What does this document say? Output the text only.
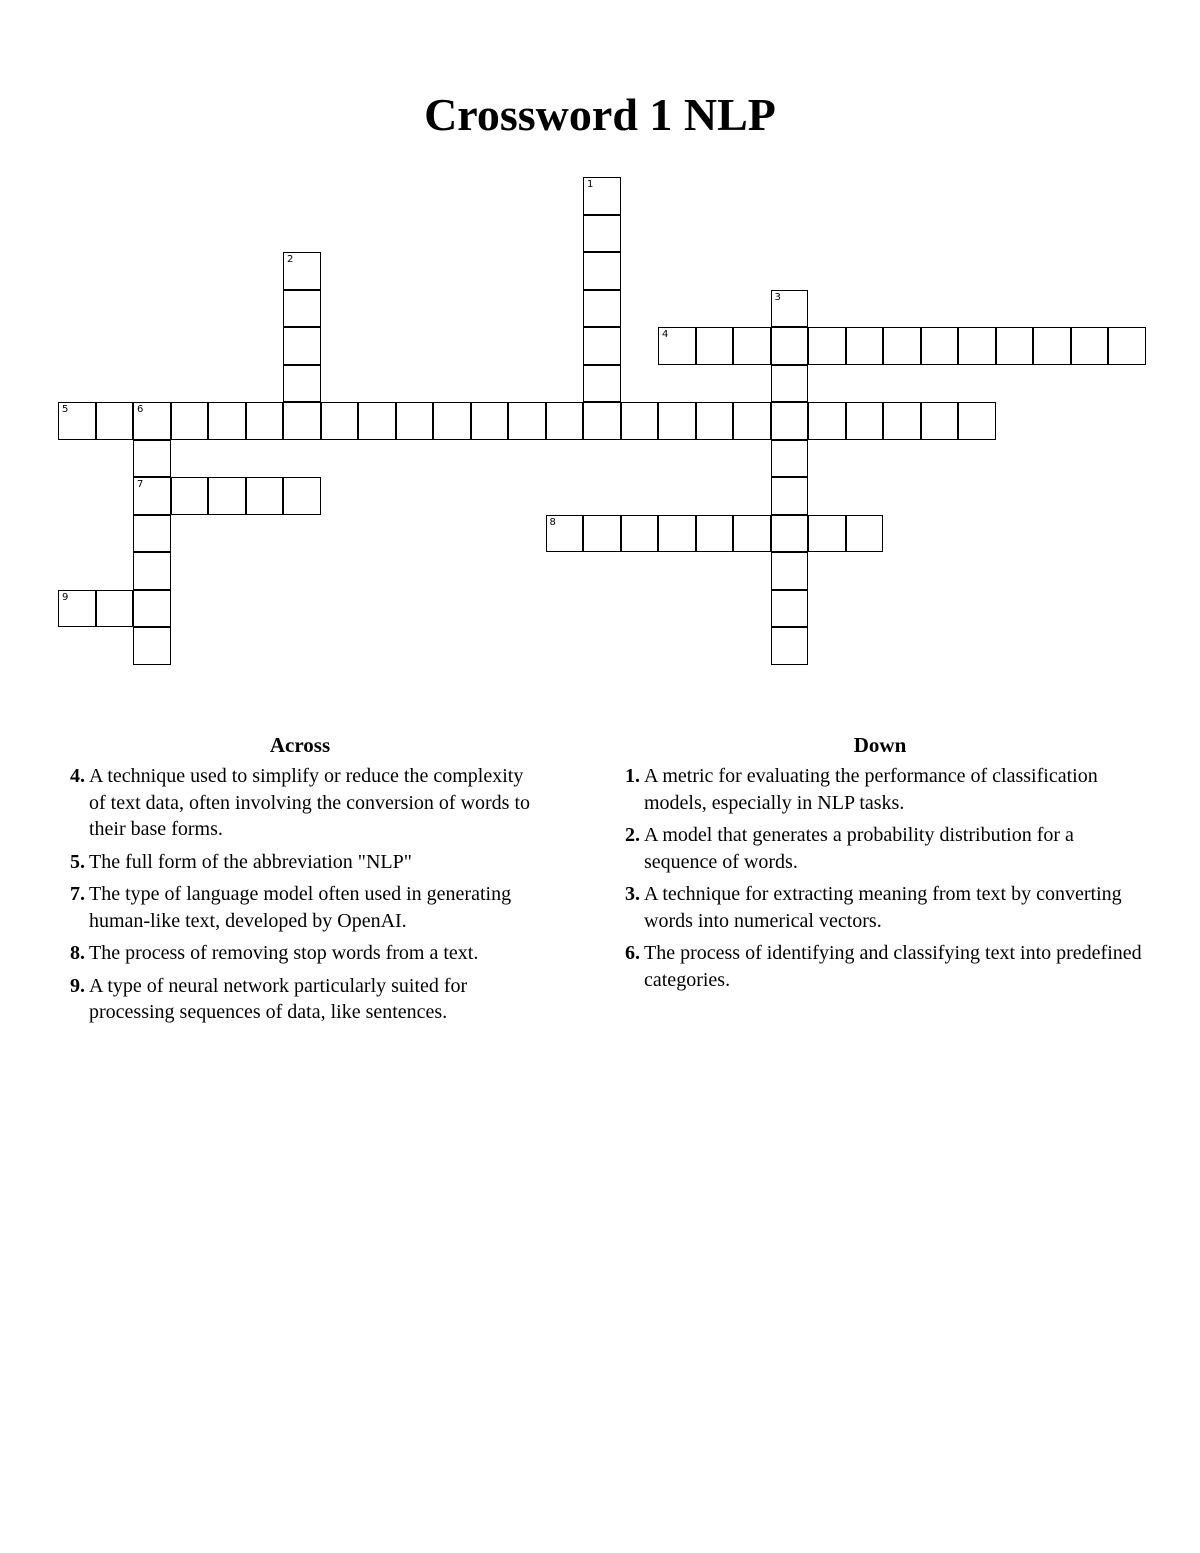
Crossword 1 NLP
1
2
3
4
5	6
7
8
9
Across
4. A technique used to simplify or reduce the complexity of text data, often involving the conversion of words to their base forms.
5. The full form of the abbreviation "NLP"
7. The type of language model often used in generating human-like text, developed by OpenAI.
8. The process of removing stop words from a text.
9. A type of neural network particularly suited for processing sequences of data, like sentences.
Down
1. A metric for evaluating the performance of classification models, especially in NLP tasks.
2. A model that generates a probability distribution for a sequence of words.
3. A technique for extracting meaning from text by converting words into numerical vectors.
6. The process of identifying and classifying text into predefined categories.
